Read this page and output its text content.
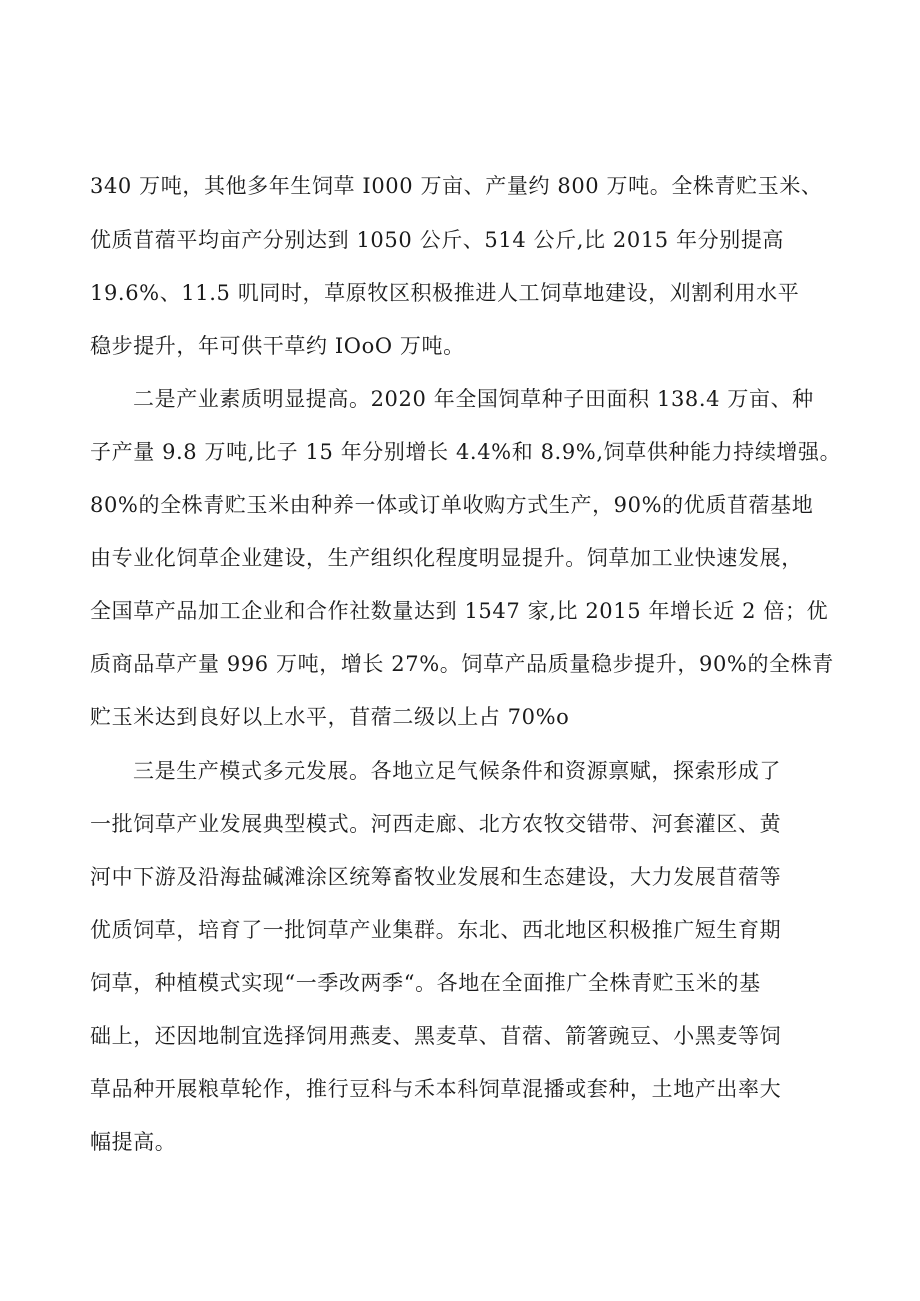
340 万吨，其他多年生饲草 I000 万亩、产量约 800 万吨。全株青贮玉米、
优质苜蓿平均亩产分别达到 1050 公斤、514 公斤,比 2015 年分别提高
19.6%、11.5 叽同时，草原牧区积极推进人工饲草地建设，刈割利用水平
稳步提升，年可供干草约 IOoO 万吨。
二是产业素质明显提高。2020 年全国饲草种子田面积 138.4 万亩、种
子产量 9.8 万吨,比子 15 年分别增长 4.4%和 8.9%,饲草供种能力持续增强。
80%的全株青贮玉米由种养一体或订单收购方式生产，90%的优质苜蓿基地
由专业化饲草企业建设，生产组织化程度明显提升。饲草加工业快速发展，
全国草产品加工企业和合作社数量达到 1547 家,比 2015 年增长近 2 倍；优
质商品草产量 996 万吨，增长 27%。饲草产品质量稳步提升，90%的全株青
贮玉米达到良好以上水平，苜蓿二级以上占 70%o
三是生产模式多元发展。各地立足气候条件和资源禀赋，探索形成了
一批饲草产业发展典型模式。河西走廊、北方农牧交错带、河套灌区、黄
河中下游及沿海盐碱滩涂区统筹畜牧业发展和生态建设，大力发展苜蓿等
优质饲草，培育了一批饲草产业集群。东北、西北地区积极推广短生育期
饲草，种植模式实现“一季改两季“。各地在全面推广全株青贮玉米的基
础上，还因地制宜选择饲用燕麦、黑麦草、苜蓿、箭箸豌豆、小黑麦等饲
草品种开展粮草轮作，推行豆科与禾本科饲草混播或套种，土地产出率大
幅提高。
